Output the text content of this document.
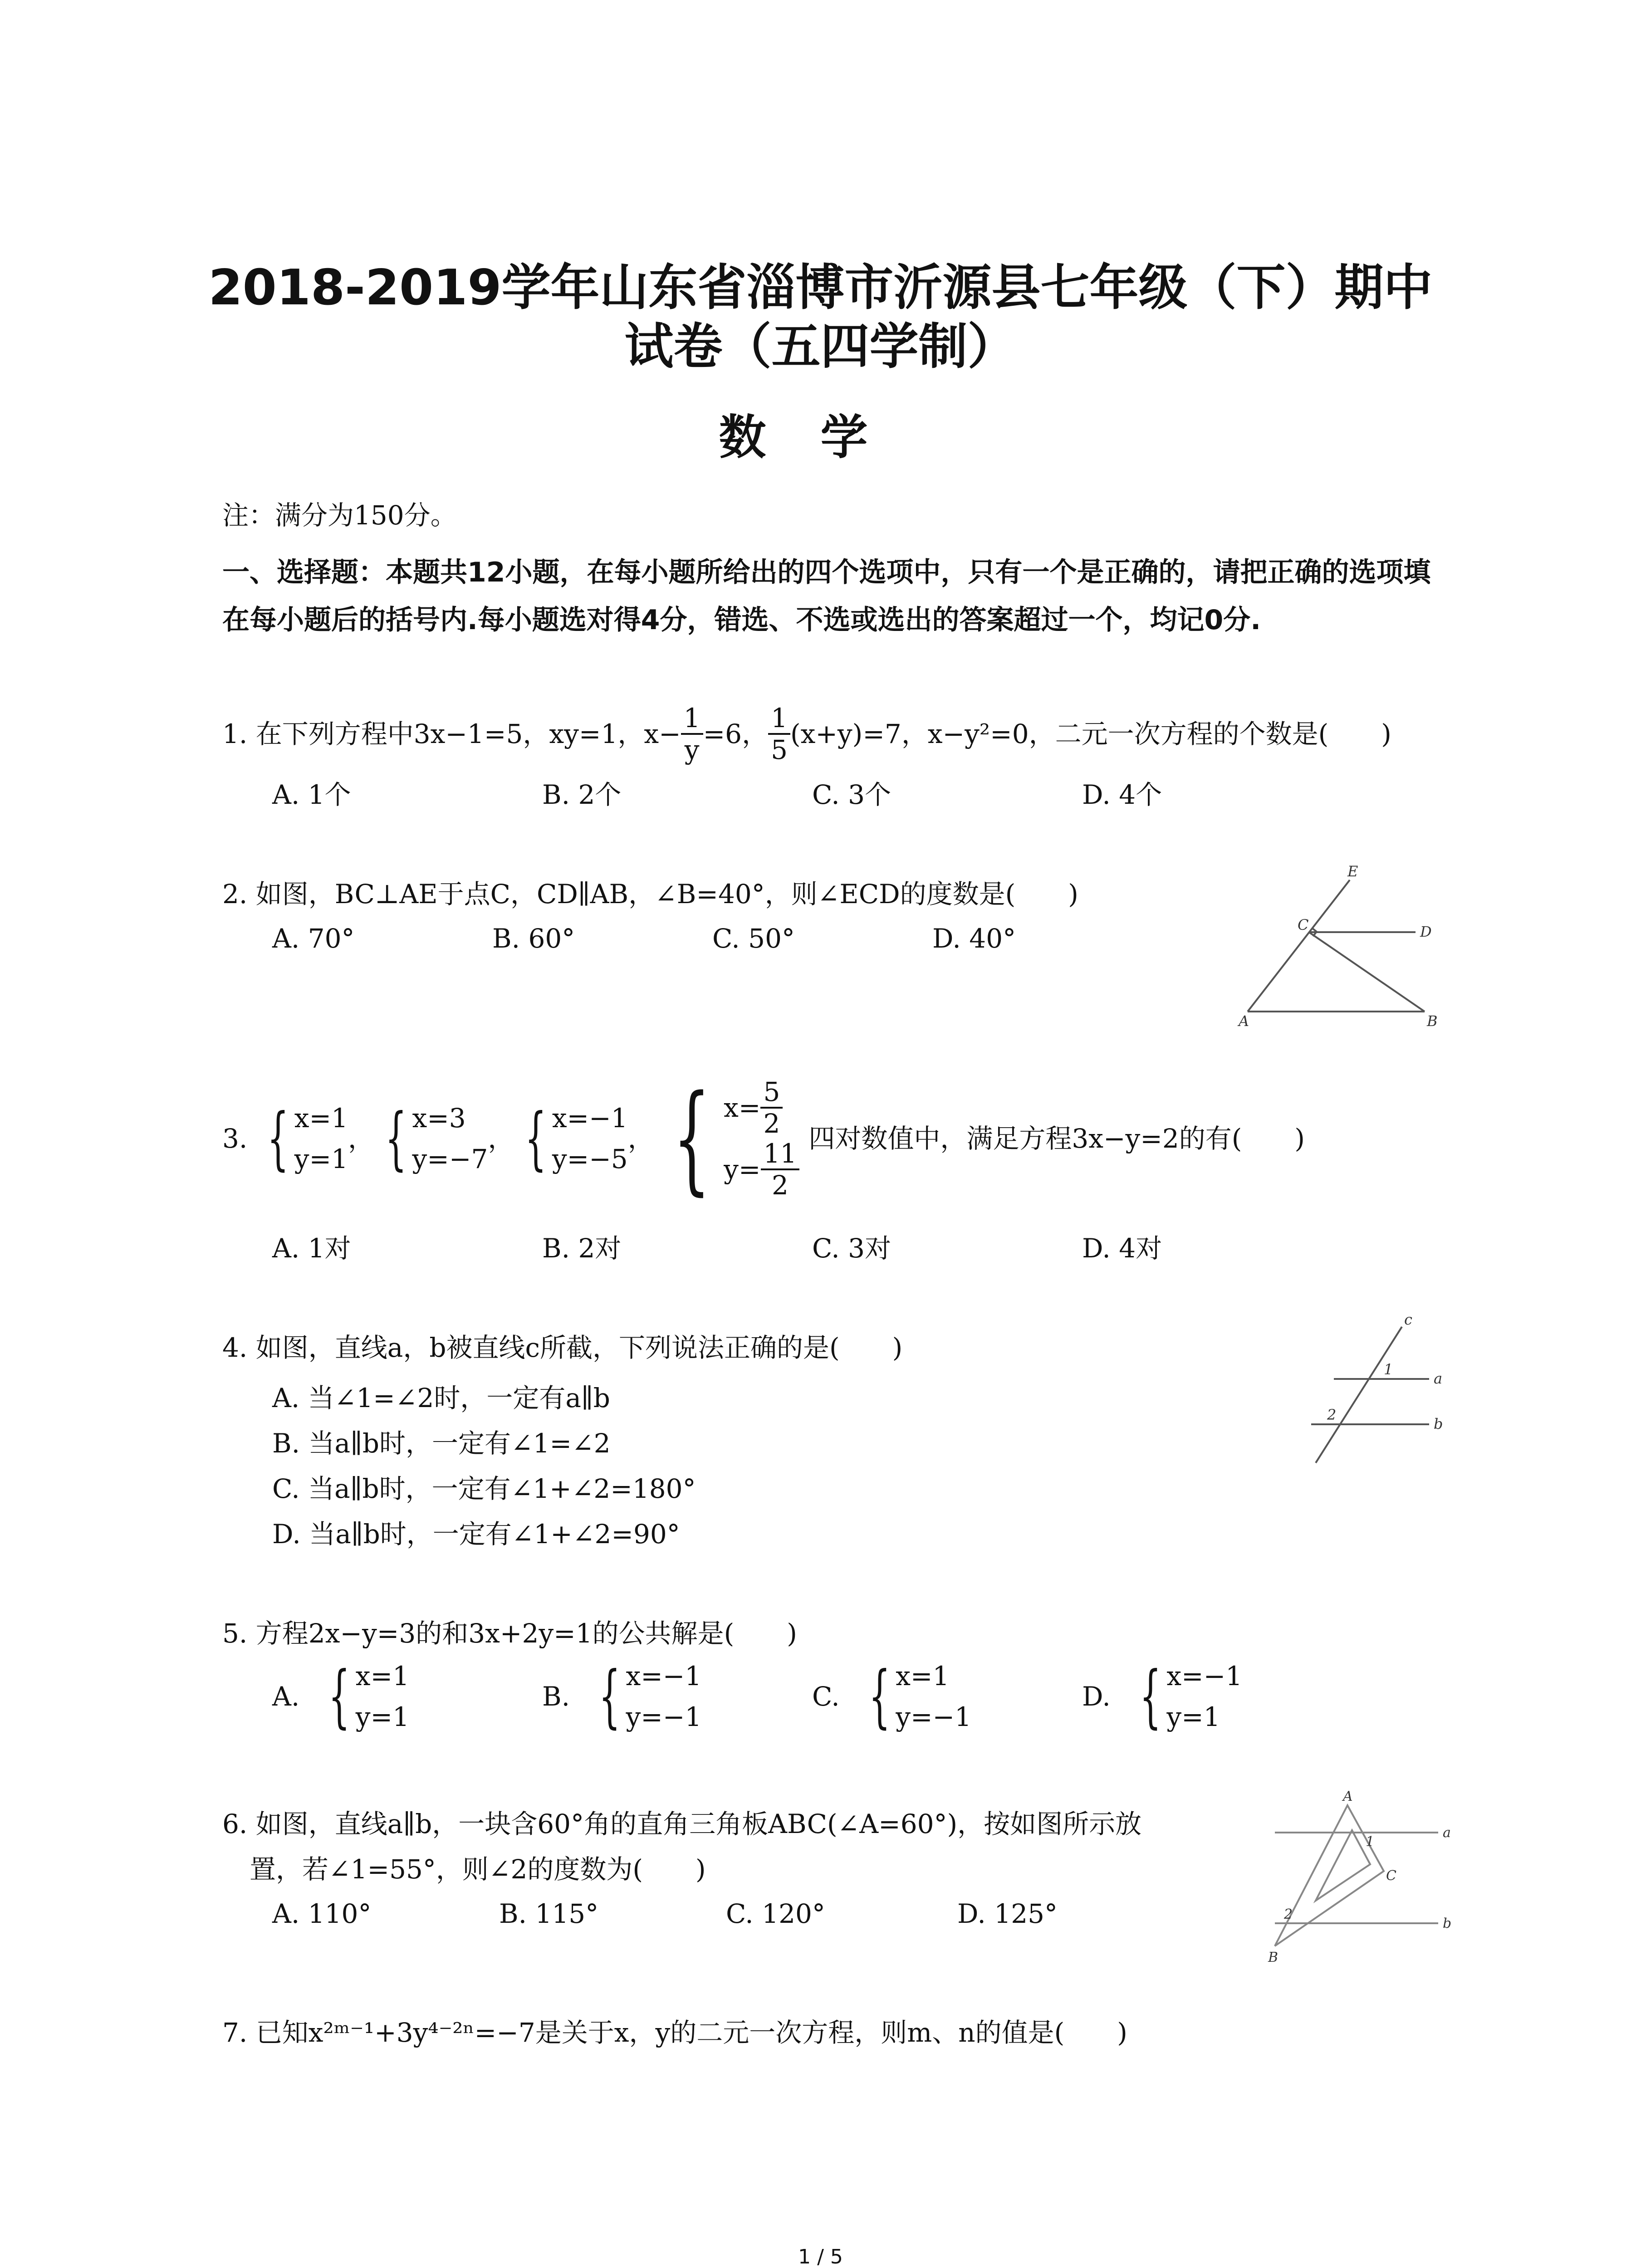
2018-2019学年山东省淄博市沂源县七年级（下）期中
试卷（五四学制）
数学
注：满分为150分。
一、选择题：本题共12小题，在每小题所给出的四个选项中，只有一个是正确的，请把正确的选项填在每小题后的括号内.每小题选对得4分，错选、不选或选出的答案超过一个，均记0分.
1. 在下列方程中3x−1=5，xy=1，$x- \frac{1}{y} =6$， $\frac{1}{5} (x+y)=7$，x−y²=0，二元一次方程的个数是(　　)
A. 1个	B. 2个	C. 3个	D. 4个
2. 如图，BC⊥AE于点C，CD∥AB，∠B=40°，则∠ECD的度数是(　　)
A. 70°	B. 60°	C. 50°	D. 40°
E
C	D
A	B
3. { x=1
y=1
， { x=3
y=−7
， { x=−1
y=−5
， { $x= \frac{5}{2}$
$y= \frac{11}{2}$ 四对数值中，满足方程3x−y=2的有(　　)
A. 1对	B. 2对	C. 3对	D. 4对
4. 如图，直线a，b被直线c所截，下列说法正确的是(　　)
A. 当∠1=∠2时，一定有a∥b
B. 当a∥b时，一定有∠1=∠2
C. 当a∥b时，一定有∠1+∠2=180°
D. 当a∥b时，一定有∠1+∠2=90°
c
a
b
1
2
5. 方程2x−y=3的和3x+2y=1的公共解是(　　)
A. { x=1
y=1
B. { x=−1
y=−1
C. { x=1
y=−1
D. { x=−1
y=1
6. 如图，直线a∥b，一块含60°角的直角三角板ABC(∠A=60°)，按如图所示放
置，若∠1=55°，则∠2的度数为(　　)
A. 110°	B. 115°	C. 120°	D. 125°
A
C
B
a
b
1
2
7. 已知x²ᵐ⁻¹+3y⁴⁻²ⁿ=−7是关于x，y的二元一次方程，则m、n的值是(　　)
1 / 5
